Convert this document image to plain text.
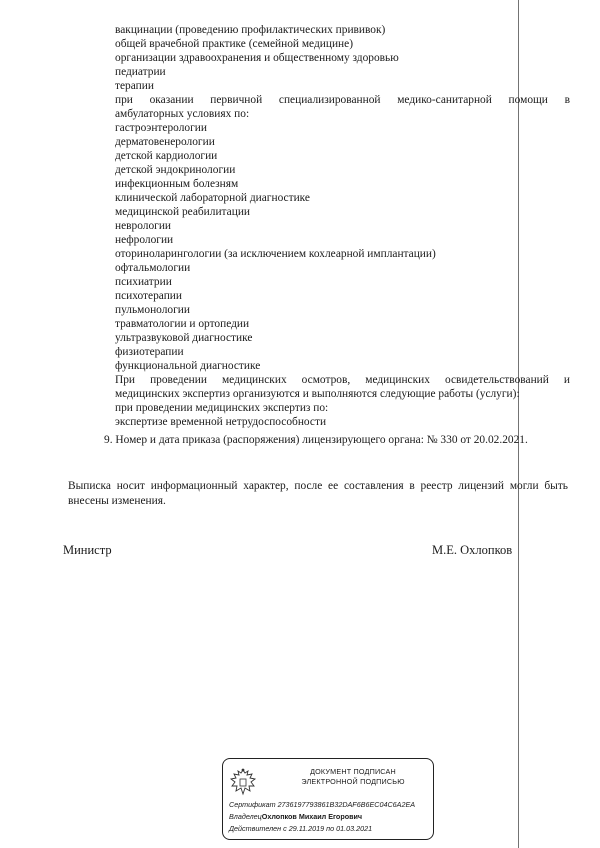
вакцинации (проведению профилактических прививок)
общей врачебной практике (семейной медицине)
организации здравоохранения и общественному здоровью
педиатрии
терапии
при оказании первичной специализированной медико-санитарной помощи в
амбулаторных условиях по:
гастроэнтерологии
дерматовенерологии
детской кардиологии
детской эндокринологии
инфекционным болезням
клинической лабораторной диагностике
медицинской реабилитации
неврологии
нефрологии
оториноларингологии (за исключением кохлеарной имплантации)
офтальмологии
психиатрии
психотерапии
пульмонологии
травматологии и ортопедии
ультразвуковой диагностике
физиотерапии
функциональной диагностике
При проведении медицинских осмотров, медицинских освидетельствований и
медицинских экспертиз организуются и выполняются следующие работы (услуги):
при проведении медицинских экспертиз по:
экспертизе временной нетрудоспособности
9. Номер и дата приказа (распоряжения) лицензирующего органа: № 330 от 20.02.2021.
Выписка носит информационный характер, после ее составления в реестр лицензий могли быть
внесены изменения.
Министр	М.Е. Охлопков
ДОКУМЕНТ ПОДПИСАН
ЭЛЕКТРОННОЙ ПОДПИСЬЮ
Сертификат 2736197793861B32DAF6B6EC04C6A2EA
ВладелецОхлопков Михаил Егорович
Действителен с 29.11.2019 по 01.03.2021
